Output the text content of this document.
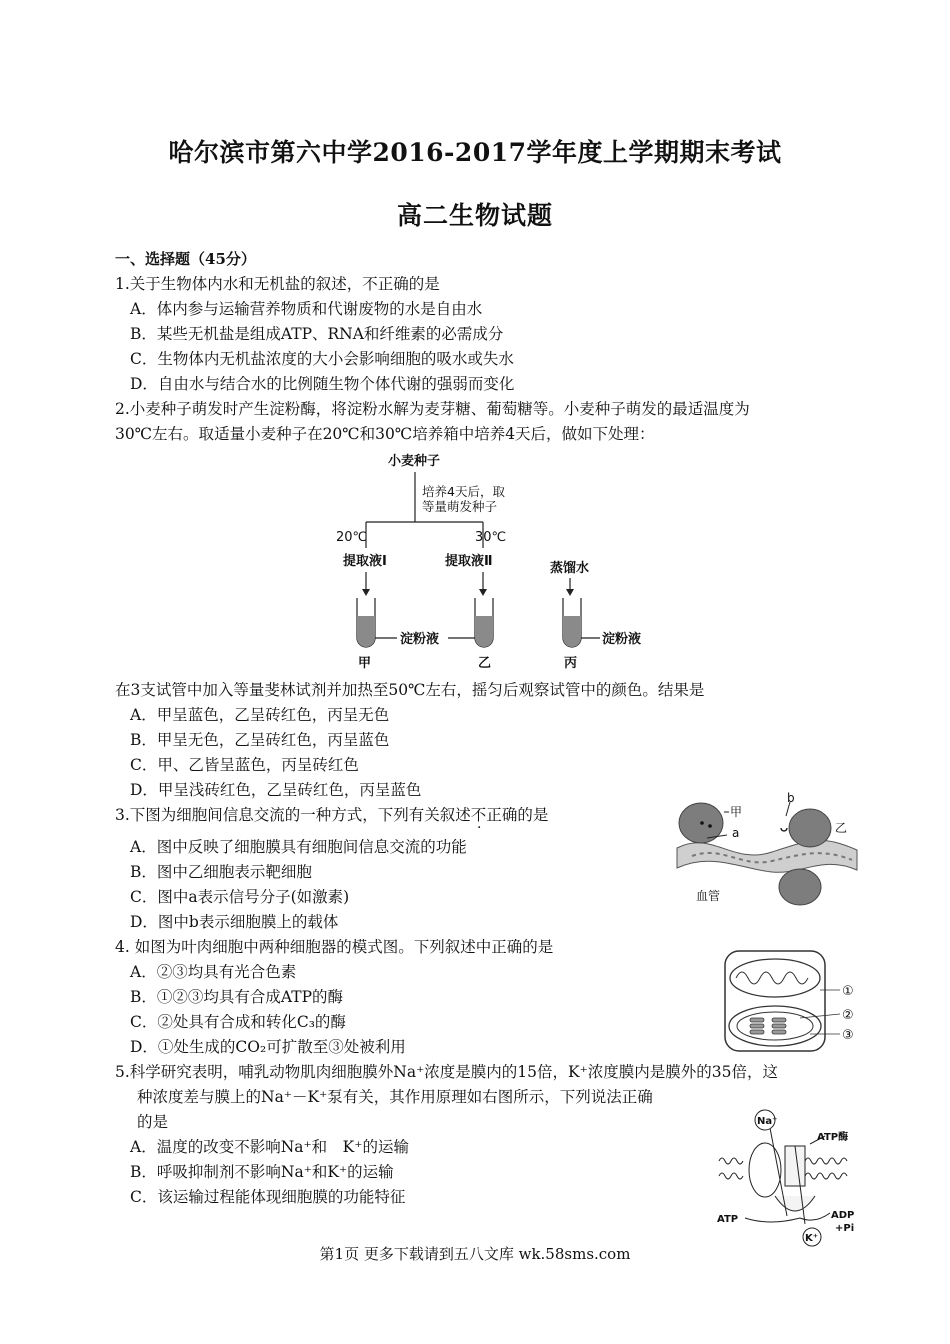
哈尔滨市第六中学2016-2017学年度上学期期末考试
高二生物试题
一、选择题（45分）
1.关于生物体内水和无机盐的叙述，不正确的是
A．体内参与运输营养物质和代谢废物的水是自由水
B．某些无机盐是组成ATP、RNA和纤维素的必需成分
C．生物体内无机盐浓度的大小会影响细胞的吸水或失水
D．自由水与结合水的比例随生物个体代谢的强弱而变化
2.小麦种子萌发时产生淀粉酶，将淀粉水解为麦芽糖、葡萄糖等。小麦种子萌发的最适温度为
30℃左右。取适量小麦种子在20℃和30℃培养箱中培养4天后，做如下处理：
小麦种子
培养4天后，取
等量萌发种子
20℃	30℃
提取液Ⅰ	提取液Ⅱ	蒸馏水
淀粉液	淀粉液
甲	乙	丙
在3支试管中加入等量斐林试剂并加热至50℃左右，摇匀后观察试管中的颜色。结果是
A．甲呈蓝色，乙呈砖红色，丙呈无色
B．甲呈无色，乙呈砖红色，丙呈蓝色
C．甲、乙皆呈蓝色，丙呈砖红色
D．甲呈浅砖红色，乙呈砖红色，丙呈蓝色
3.下图为细胞间信息交流的一种方式，下列有关叙述不正确的是
A．图中反映了细胞膜具有细胞间信息交流的功能
B．图中乙细胞表示靶细胞
C．图中a表示信号分子(如激素)
D．图中b表示细胞膜上的载体
甲
a
b
乙
血管
4. 如图为叶肉细胞中两种细胞器的模式图。下列叙述中正确的是
A．②③均具有光合色素
B．①②③均具有合成ATP的酶
C．②处具有合成和转化C₃的酶
D．①处生成的CO₂可扩散至③处被利用
①
②
③
5.科学研究表明，哺乳动物肌肉细胞膜外Na⁺浓度是膜内的15倍，K⁺浓度膜内是膜外的35倍，这
种浓度差与膜上的Na⁺－K⁺泵有关，其作用原理如右图所示，下列说法正确
的是
A．温度的改变不影响Na⁺和　K⁺的运输
B．呼吸抑制剂不影响Na⁺和K⁺的运输
C．该运输过程能体现细胞膜的功能特征
Na⁺
ATP酶
ATP	ADP
+Pi
K⁺
第1页 更多下载请到五八文库 wk.58sms.com
